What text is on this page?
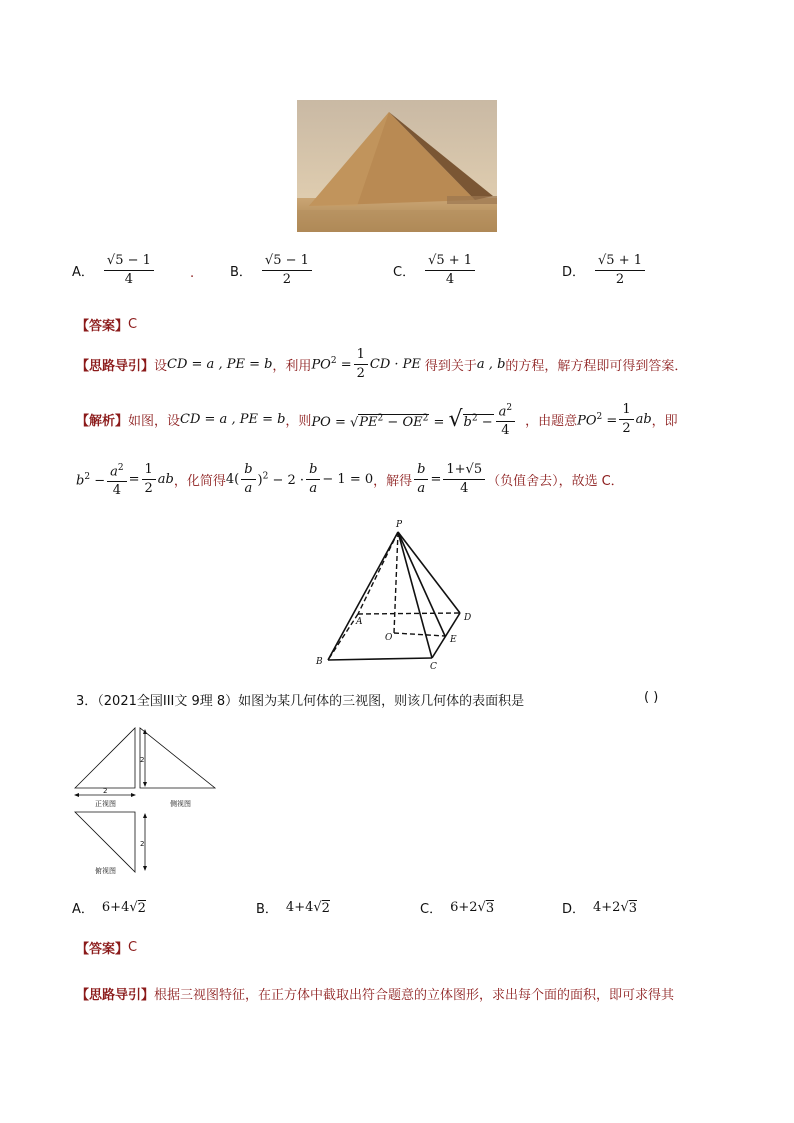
A． $\frac{√5 - 1}{4}$	.	B． $\frac{√5 - 1}{2}$	C． $\frac{√5 + 1}{4}$	D． $\frac{√5 + 1}{2}$
【答案】 C
【思路导引】 设 CD = a , PE = b ，利用 $PO^2 = \frac{1}{2}$ CD · PE 得到关于 a , b 的方程，解方程即可得到答案．
【解析】 如图，设 CD = a , PE = b ，则 PO = $√PE^2 - OE^2 = √b^2 - \frac{a^2}{4}$ ，由题意 $PO^2 = \frac{1}{2}$ ab ，即
$b^2 - \frac{a^2}{4} = \frac{1}{2}$ ab ，化简得 $4( \frac{b}{a} )^2 - 2 \cdot \frac{b}{a} - 1 = 0$ ，解得 $\frac{b}{a} = \frac{1+√5}{4}$ （负值舍去），故选 C．
P
A	D
O	E
B	C
3．（2021全国III文 9理 8）如图为某几何体的三视图，则该几何体的表面积是	( )
2
2
2
正视图	侧视图
俯视图
A． 6+4 √ 2	B． 4+4 √ 2	C． 6+2 √ 3	D． 4+2 √ 3
【答案】 C
【思路导引】 根据三视图特征，在正方体中截取出符合题意的立体图形，求出每个面的面积，即可求得其
